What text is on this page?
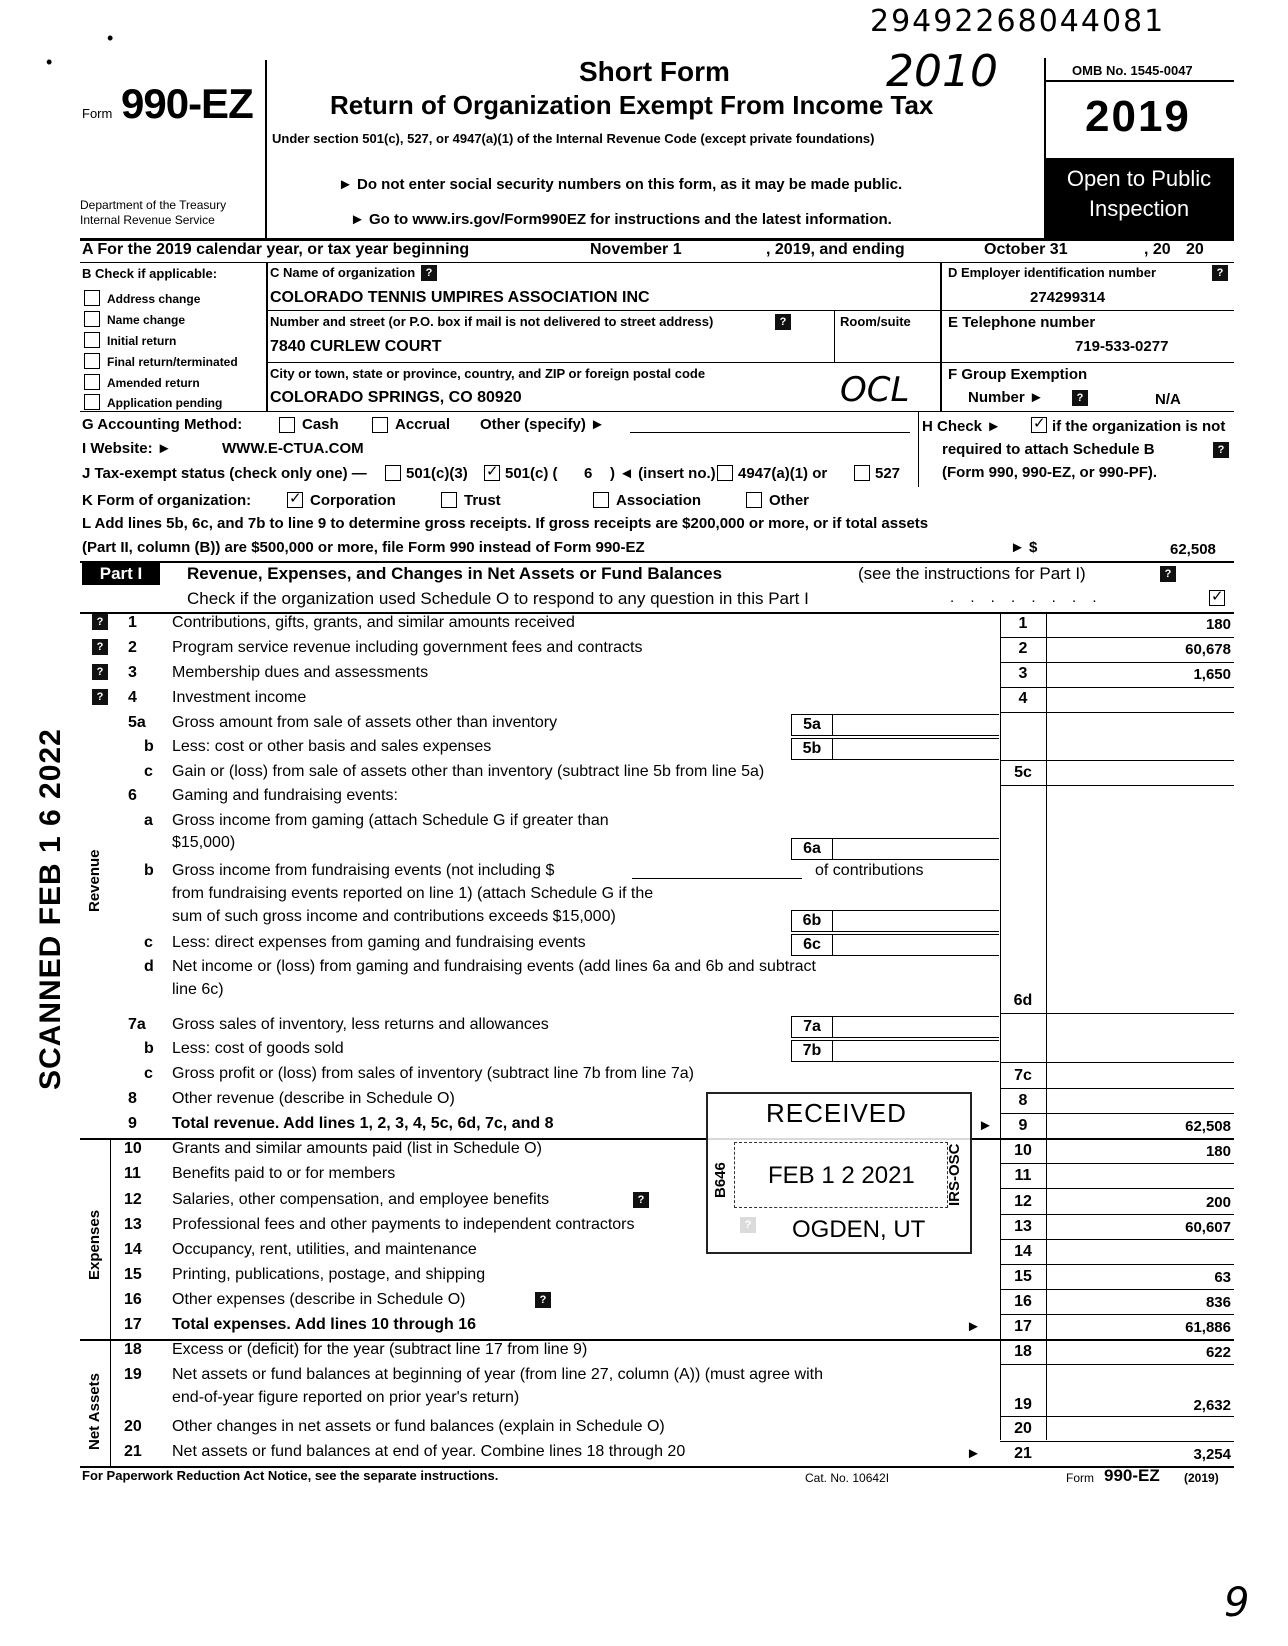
29492268044081
•
•	2010
Form 990-EZ
Department of the Treasury
Internal Revenue Service
Short Form
Return of Organization Exempt From Income Tax
Under section 501(c), 527, or 4947(a)(1) of the Internal Revenue Code (except private foundations)
► Do not enter social security numbers on this form, as it may be made public.
► Go to www.irs.gov/Form990EZ for instructions and the latest information.
OMB No. 1545-0047
2019
Open to Public Inspection
A For the 2019 calendar year, or tax year beginning	November 1	, 2019, and ending	October 31	, 20 20
B Check if applicable:
Address change
Name change
Initial return
Final return/terminated
Amended return
Application pending
C Name of organization ?
COLORADO TENNIS UMPIRES ASSOCIATION INC
Number and street (or P.O. box if mail is not delivered to street address)	?	Room/suite
7840 CURLEW COURT
City or town, state or province, country, and ZIP or foreign postal code
COLORADO SPRINGS, CO 80920	OCL
D Employer identification number	?
274299314
E Telephone number
719-533-0277
F Group Exemption
Number ►	?	N/A
G Accounting Method:	Cash	Accrual Other (specify) ►	H Check ► ✓	if the organization is not
required to attach Schedule B	?
(Form 990, 990-EZ, or 990-PF).
I Website: ►	WWW.E-CTUA.COM
J Tax-exempt status (check only one) —	501(c)(3) ✓ 501(c) ( 6 ) ◄ (insert no.) 4947(a)(1) or	527
K Form of organization: ✓	Corporation	Trust	Association	Other
L Add lines 5b, 6c, and 7b to line 9 to determine gross receipts. If gross receipts are $200,000 or more, or if total assets
(Part II, column (B)) are $500,000 or more, file Form 990 instead of Form 990-EZ	► $	62,508
Part I	Revenue, Expenses, and Changes in Net Assets or Fund Balances	(see the instructions for Part I)	?
Check if the organization used Schedule O to respond to any question in this Part I	. . . . . . . .
✓
?
?
?
?
1 Contributions, gifts, grants, and similar amounts received	1	180
2 Program service revenue including government fees and contracts	2	60,678
3 Membership dues and assessments	3	1,650
4 Investment income	4
5a Gross amount from sale of assets other than inventory	5a
b Less: cost or other basis and sales expenses	5b
c Gain or (loss) from sale of assets other than inventory (subtract line 5b from line 5a)	5c
6 Gaming and fundraising events:
a Gross income from gaming (attach Schedule G if greater than
$15,000)	6a
b Gross income from fundraising events (not including $	of contributions
from fundraising events reported on line 1) (attach Schedule G if the
sum of such gross income and contributions exceeds $15,000)	6b
c Less: direct expenses from gaming and fundraising events	6c
d Net income or (loss) from gaming and fundraising events (add lines 6a and 6b and subtract
line 6c)
6d
7a Gross sales of inventory, less returns and allowances	7a
b Less: cost of goods sold	7b
c Gross profit or (loss) from sales of inventory (subtract line 7b from line 7a)	7c
8 Other revenue (describe in Schedule O)	8
9 Total revenue. Add lines 1, 2, 3, 4, 5c, 6d, 7c, and 8	►	9	62,508
10 Grants and similar amounts paid (list in Schedule O)	10	180
11 Benefits paid to or for members	11
12 Salaries, other compensation, and employee benefits	?	12	200
13 Professional fees and other payments to independent contractors	13	60,607
14 Occupancy, rent, utilities, and maintenance	14
15 Printing, publications, postage, and shipping	15	63
16 Other expenses (describe in Schedule O)	?	16	836
17 Total expenses. Add lines 10 through 16	►	17	61,886
18 Excess or (deficit) for the year (subtract line 17 from line 9)	18	622
19 Net assets or fund balances at beginning of year (from line 27, column (A)) (must agree with
end-of-year figure reported on prior year's return)	19	2,632
20 Other changes in net assets or fund balances (explain in Schedule O)	20
21 Net assets or fund balances at end of year. Combine lines 18 through 20	►	21	3,254
Revenue
Expenses
Net Assets
SCANNED FEB 1 6 2022
RECEIVED
FEB 1 2 2021
B646	IRS-OSC
OGDEN, UT
For Paperwork Reduction Act Notice, see the separate instructions.	Cat. No. 10642I	Form 990-EZ (2019)
9
